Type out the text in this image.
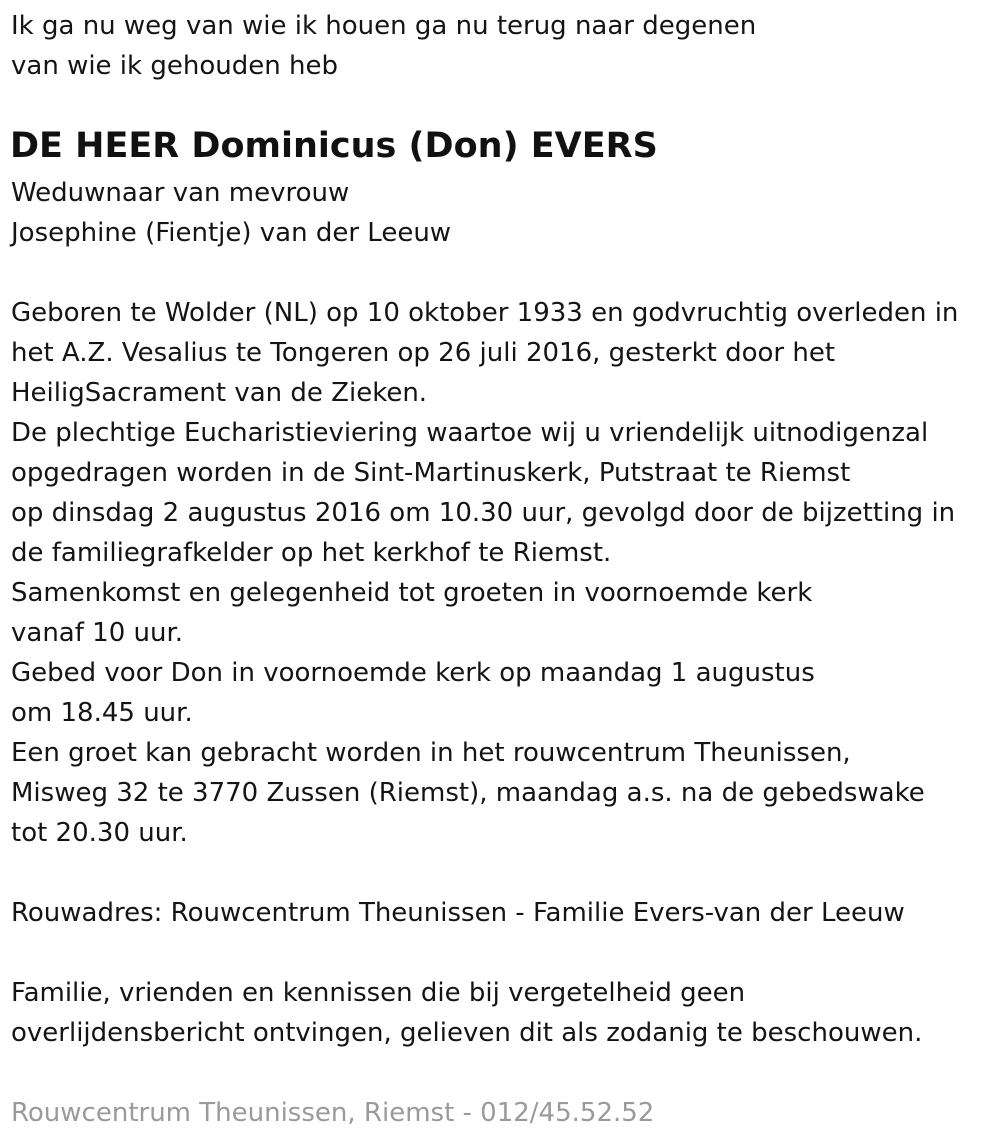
Ik ga nu weg van wie ik houen ga nu terug naar degenen
van wie ik gehouden heb
DE HEER Dominicus (Don) EVERS
Weduwnaar van mevrouw
Josephine (Fientje) van der Leeuw
Geboren te Wolder (NL) op 10 oktober 1933 en godvruchtig overleden in
het A.Z. Vesalius te Tongeren op 26 juli 2016, gesterkt door het
HeiligSacrament van de Zieken.
De plechtige Eucharistieviering waartoe wij u vriendelijk uitnodigenzal
opgedragen worden in de Sint-Martinuskerk, Putstraat te Riemst
op dinsdag 2 augustus 2016 om 10.30 uur, gevolgd door de bijzetting in
de familiegrafkelder op het kerkhof te Riemst.
Samenkomst en gelegenheid tot groeten in voornoemde kerk
vanaf 10 uur.
Gebed voor Don in voornoemde kerk op maandag 1 augustus
om 18.45 uur.
Een groet kan gebracht worden in het rouwcentrum Theunissen,
Misweg 32 te 3770 Zussen (Riemst), maandag a.s. na de gebedswake
tot 20.30 uur.
Rouwadres: Rouwcentrum Theunissen - Familie Evers-van der Leeuw
Familie, vrienden en kennissen die bij vergetelheid geen
overlijdensbericht ontvingen, gelieven dit als zodanig te beschouwen.
Rouwcentrum Theunissen, Riemst - 012/45.52.52
